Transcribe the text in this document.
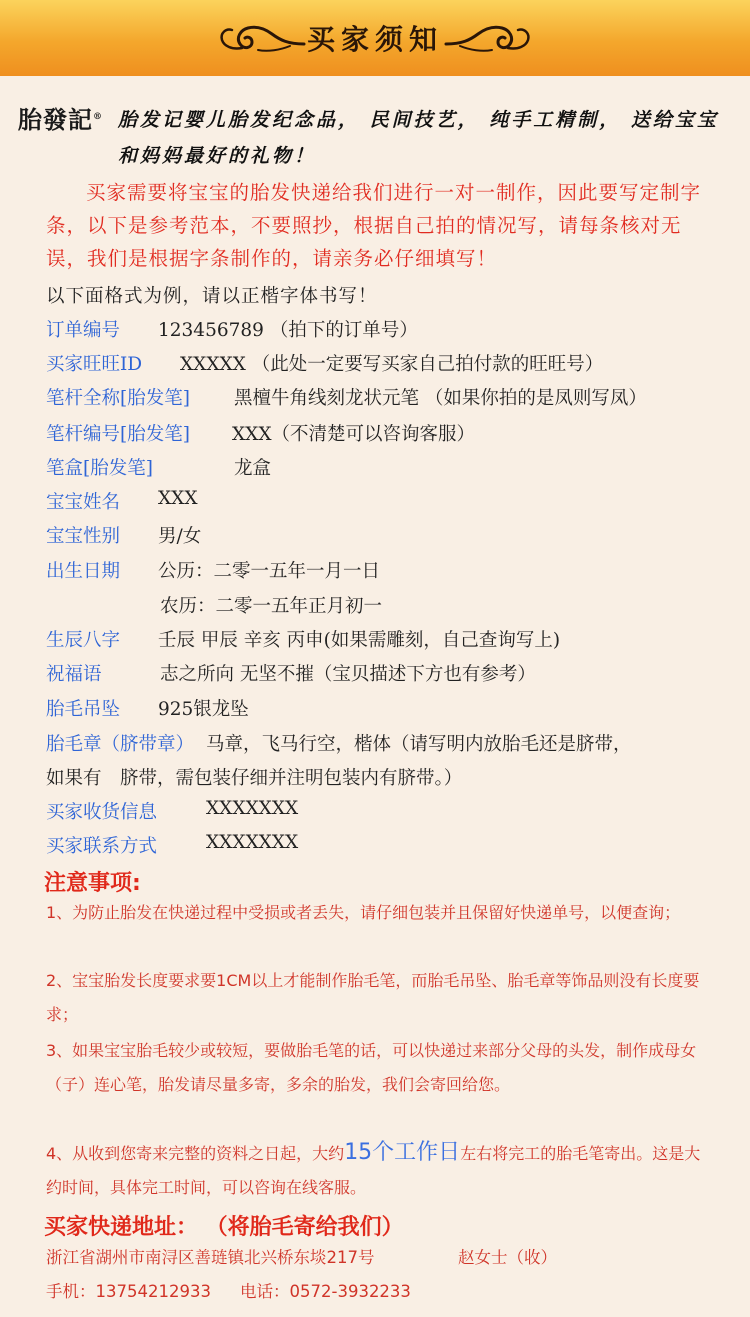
买家须知
胎發記® 胎发记婴儿胎发纪念品， 民间技艺， 纯手工精制， 送给宝宝和妈妈最好的礼物！
买家需要将宝宝的胎发快递给我们进行一对一制作，因此要写定制字条，以下是参考范本，不要照抄，根据自己拍的情况写，请每条核对无误，我们是根据字条制作的，请亲务必仔细填写！
以下面格式为例，请以正楷字体书写！
订单编号 123456789 （拍下的订单号）
买家旺旺ID XXXXX （此处一定要写买家自己拍付款的旺旺号）
笔杆全称[胎发笔] 黑檀牛角线刻龙状元笔 （如果你拍的是凤则写凤）
笔杆编号[胎发笔] XXX（不清楚可以咨询客服）
笔盒[胎发笔]	龙盒
宝宝姓名 XXX
宝宝性别 男/女
出生日期 公历：二零一五年一月一日
农历：二零一五年正月初一
生辰八字 壬辰 甲辰 辛亥 丙申(如果需雕刻，自己查询写上)
祝福语	志之所向 无坚不摧（宝贝描述下方也有参考）
胎毛吊坠 925银龙坠
胎毛章（脐带章） 马章，飞马行空，楷体（请写明内放胎毛还是脐带，
如果有　脐带，需包装仔细并注明包装内有脐带。）
买家收货信息	XXXXXXX
买家联系方式	XXXXXXX
注意事项:
1、为防止胎发在快递过程中受损或者丢失，请仔细包装并且保留好快递单号，以便查询；
2、宝宝胎发长度要求要1CM以上才能制作胎毛笔，而胎毛吊坠、胎毛章等饰品则没有长度要求；
3、如果宝宝胎毛较少或较短，要做胎毛笔的话，可以快递过来部分父母的头发，制作成母女（子）连心笔，胎发请尽量多寄，多余的胎发，我们会寄回给您。
4、从收到您寄来完整的资料之日起，大约15个工作日左右将完工的胎毛笔寄出。这是大约时间，具体完工时间，可以咨询在线客服。
买家快递地址： （将胎毛寄给我们）
浙江省湖州市南浔区善琏镇北兴桥东埮217号	赵女士（收）
手机：13754212933 电话：0572-3932233
